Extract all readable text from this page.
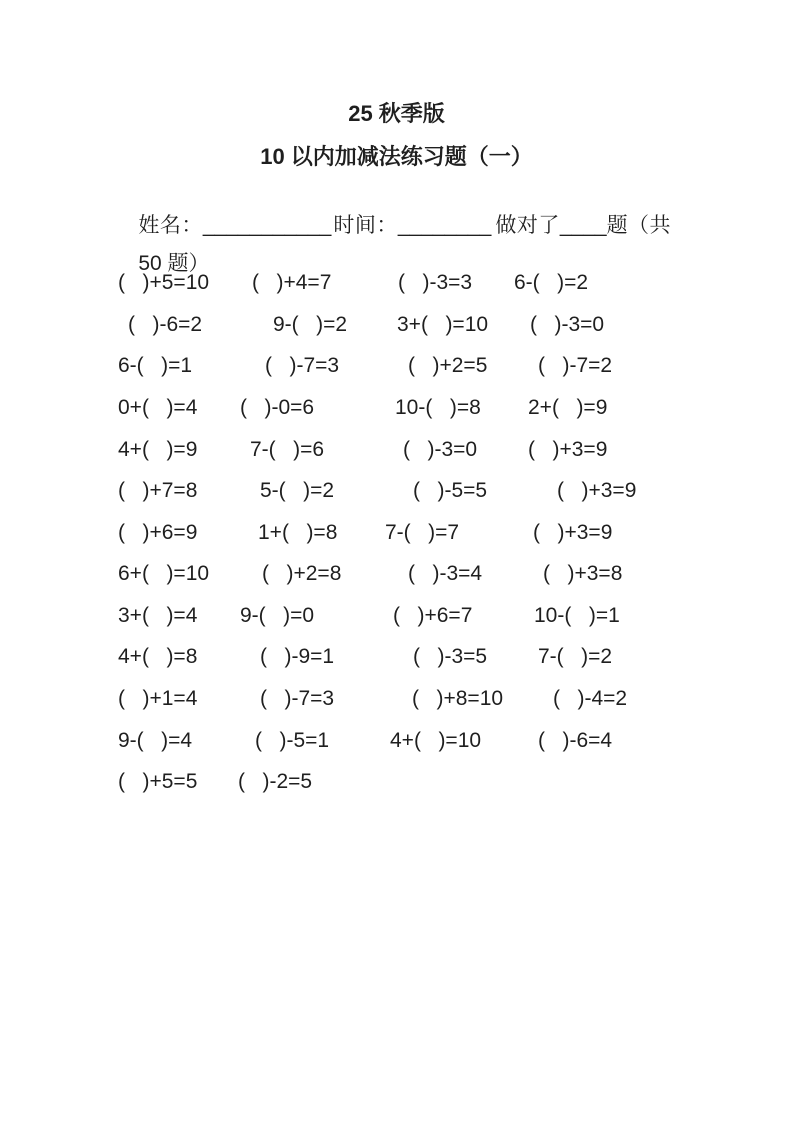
25 秋季版
10 以内加减法练习题（一）

姓名：___________
时间：________
做对了____题（共

50 题）

(   )+5=10 (   )+4=7	(   )-3=3 6-(   )=2
(   )-6=2	9-(   )=2 3+(   )=10 (   )-3=0
6-(   )=1	(   )-7=3	(   )+2=5 (   )-7=2
0+(   )=4 (   )-0=6	10-(   )=8 2+(   )=9
4+(   )=9	7-(   )=6	(   )-3=0 (   )+3=9
(   )+7=8	5-(   )=2	(   )-5=5	(   )+3=9
(   )+6=9	1+(   )=8 7-(   )=7	(   )+3=9
6+(   )=10	(   )+2=8	(   )-3=4	(   )+3=8
3+(   )=4 9-(   )=0	(   )+6=7	10-(   )=1
4+(   )=8	(   )-9=1	(   )-3=5 7-(   )=2
(   )+1=4	(   )-7=3	(   )+8=10 (   )-4=2
9-(   )=4	(   )-5=1	4+(   )=10	(   )-6=4
(   )+5=5 (   )-2=5
